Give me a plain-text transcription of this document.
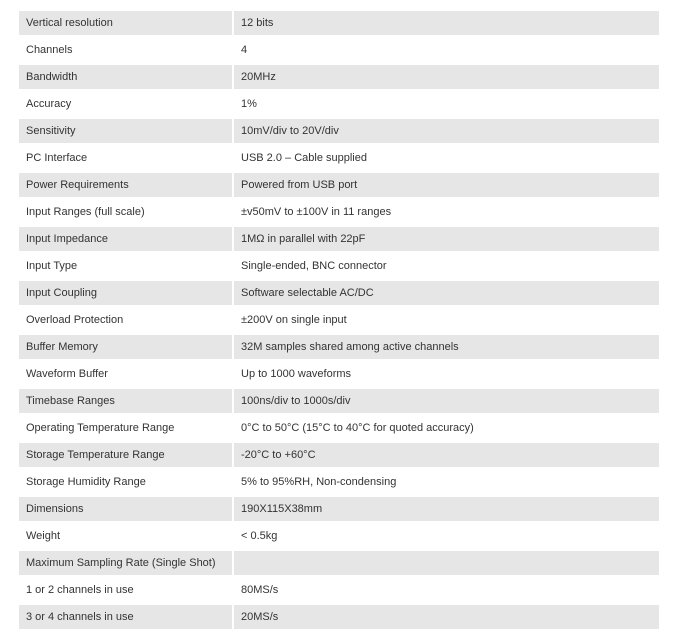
Vertical resolution	12 bits
Channels	4
Bandwidth	20MHz
Accuracy	1%
Sensitivity	10mV/div to 20V/div
PC Interface	USB 2.0 – Cable supplied
Power Requirements	Powered from USB port
Input Ranges (full scale)	±v50mV to ±100V in 11 ranges
Input Impedance	1MΩ in parallel with 22pF
Input Type	Single-ended, BNC connector
Input Coupling	Software selectable AC/DC
Overload Protection	±200V on single input
Buffer Memory	32M samples shared among active channels
Waveform Buffer	Up to 1000 waveforms
Timebase Ranges	100ns/div to 1000s/div
Operating Temperature Range	0°C to 50°C (15°C to 40°C for quoted accuracy)
Storage Temperature Range	-20°C to +60°C
Storage Humidity Range	5% to 95%RH, Non-condensing
Dimensions	190X115X38mm
Weight	< 0.5kg
Maximum Sampling Rate (Single Shot)	
1 or 2 channels in use	80MS/s
3 or 4 channels in use	20MS/s
